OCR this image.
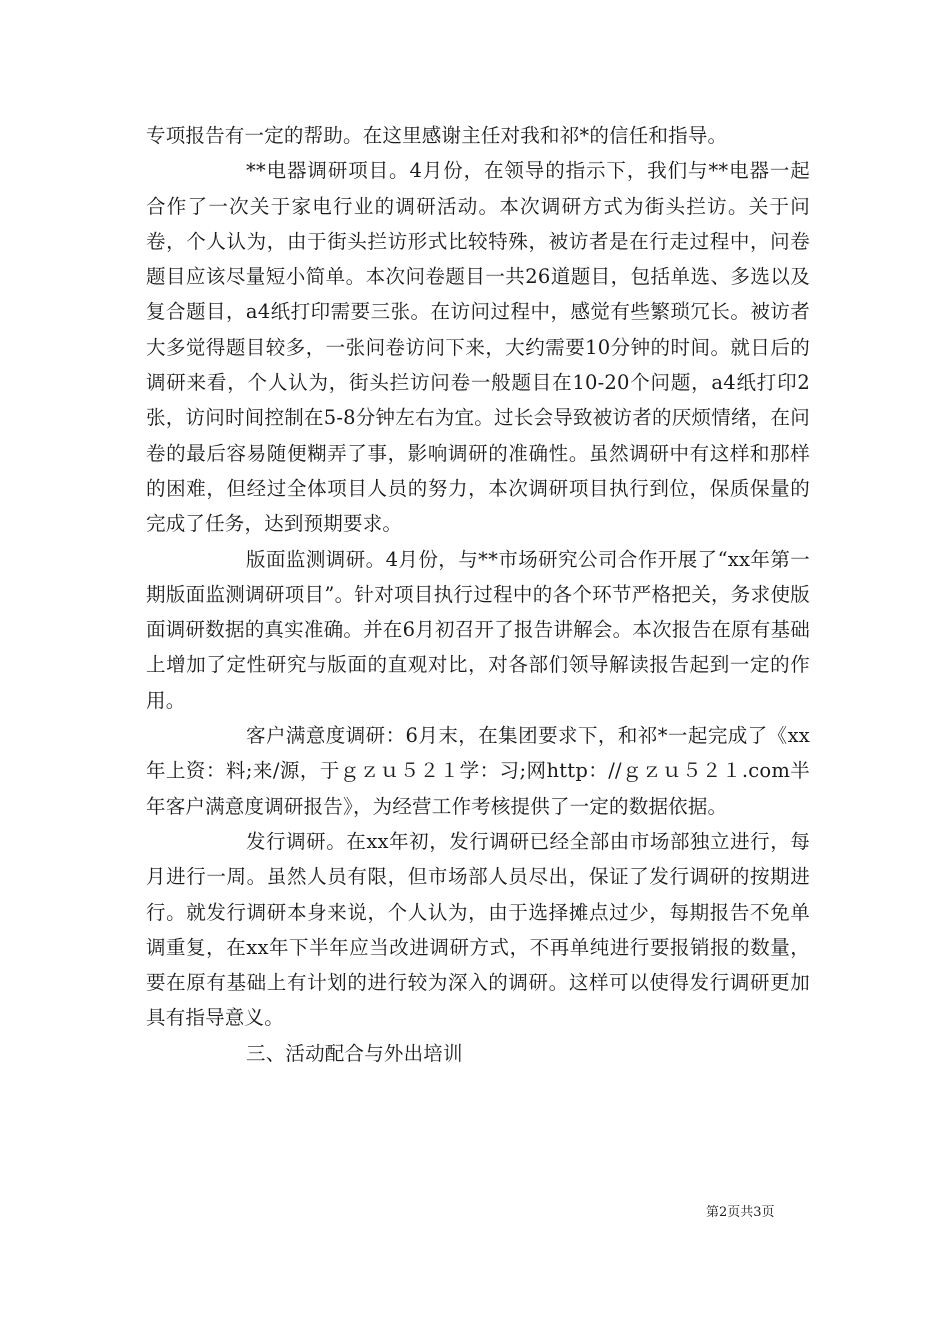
专项报告有一定的帮助。在这里感谢主任对我和祁*的信任和指导。

**电器调研项目。4月份，在领导的指示下，我们与**电器一起合作了一次关于家电行业的调研活动。本次调研方式为街头拦访。关于问卷，个人认为，由于街头拦访形式比较特殊，被访者是在行走过程中，问卷题目应该尽量短小简单。本次问卷题目一共26道题目，包括单选、多选以及复合题目，a4纸打印需要三张。在访问过程中，感觉有些繁琐冗长。被访者大多觉得题目较多，一张问卷访问下来，大约需要10分钟的时间。就日后的调研来看，个人认为，街头拦访问卷一般题目在10-20个问题，a4纸打印2张，访问时间控制在5-8分钟左右为宜。过长会导致被访者的厌烦情绪，在问卷的最后容易随便糊弄了事，影响调研的准确性。虽然调研中有这样和那样的困难，但经过全体项目人员的努力，本次调研项目执行到位，保质保量的完成了任务，达到预期要求。

版面监测调研。4月份，与**市场研究公司合作开展了“xx年第一期版面监测调研项目”。针对项目执行过程中的各个环节严格把关，务求使版面调研数据的真实准确。并在6月初召开了报告讲解会。本次报告在原有基础上增加了定性研究与版面的直观对比，对各部们领导解读报告起到一定的作用。

客户满意度调研：6月末，在集团要求下，和祁*一起完成了《xx年上资：料;来/源，于ｇｚｕ５２１学：习;网http：//ｇｚｕ５２１.com半年客户满意度调研报告》，为经营工作考核提供了一定的数据依据。

发行调研。在xx年初，发行调研已经全部由市场部独立进行，每月进行一周。虽然人员有限，但市场部人员尽出，保证了发行调研的按期进行。就发行调研本身来说，个人认为，由于选择摊点过少，每期报告不免单调重复，在xx年下半年应当改进调研方式，不再单纯进行要报销报的数量，要在原有基础上有计划的进行较为深入的调研。这样可以使得发行调研更加具有指导意义。

三、活动配合与外出培训

第2页共3页
